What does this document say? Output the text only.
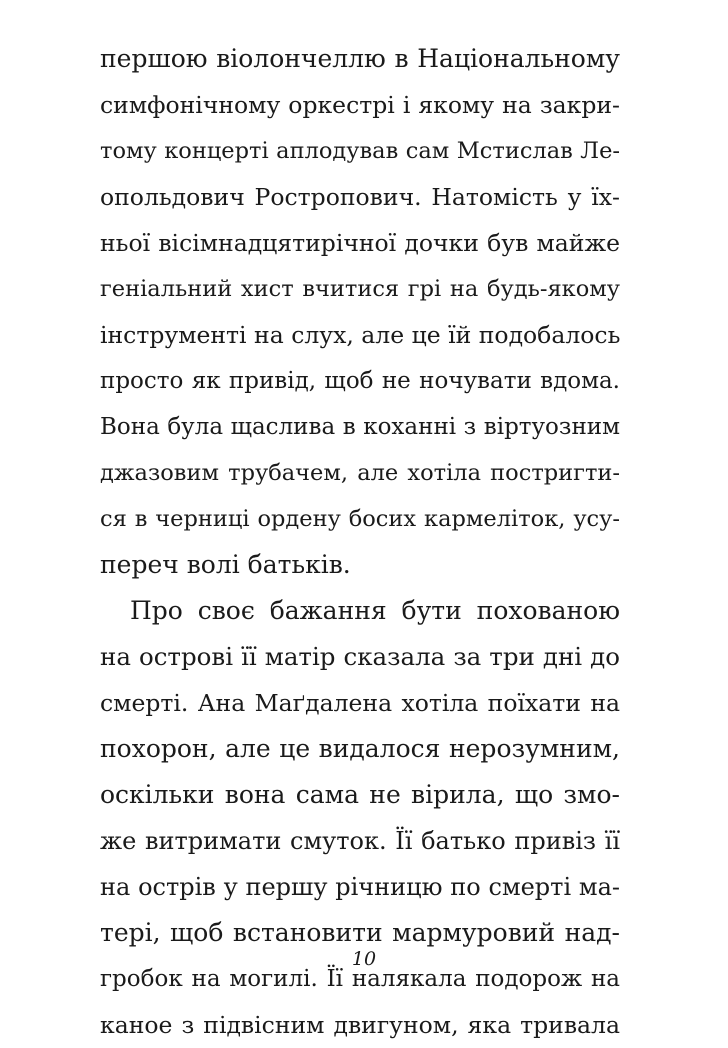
першою віолончеллю в Національному
симфонічному оркестрі і якому на закри-
тому концерті аплодував сам Мстислав Ле-
опольдович Ростропович. Натомість у їх-
ньої вісімнадцятирічної дочки був майже
геніальний хист вчитися грі на будь-якому
інструменті на слух, але це їй подобалось
просто як привід, щоб не ночувати вдома.
Вона була щаслива в коханні з віртуозним
джазовим трубачем, але хотіла постригти-
ся в черниці ордену босих кармеліток, усу-
переч волі батьків.
Про своє бажання бути похованою
на острові її матір сказала за три дні до
смерті. Ана Маґдалена хотіла поїхати на
похорон, але це видалося нерозумним,
оскільки вона сама не вірила, що змо-
же витримати смуток. Її батько привіз її
на острів у першу річницю по смерті ма-
тері, щоб встановити мармуровий над-
гробок на могилі. Її налякала подорож на
каное з підвісним двигуном, яка тривала
10
